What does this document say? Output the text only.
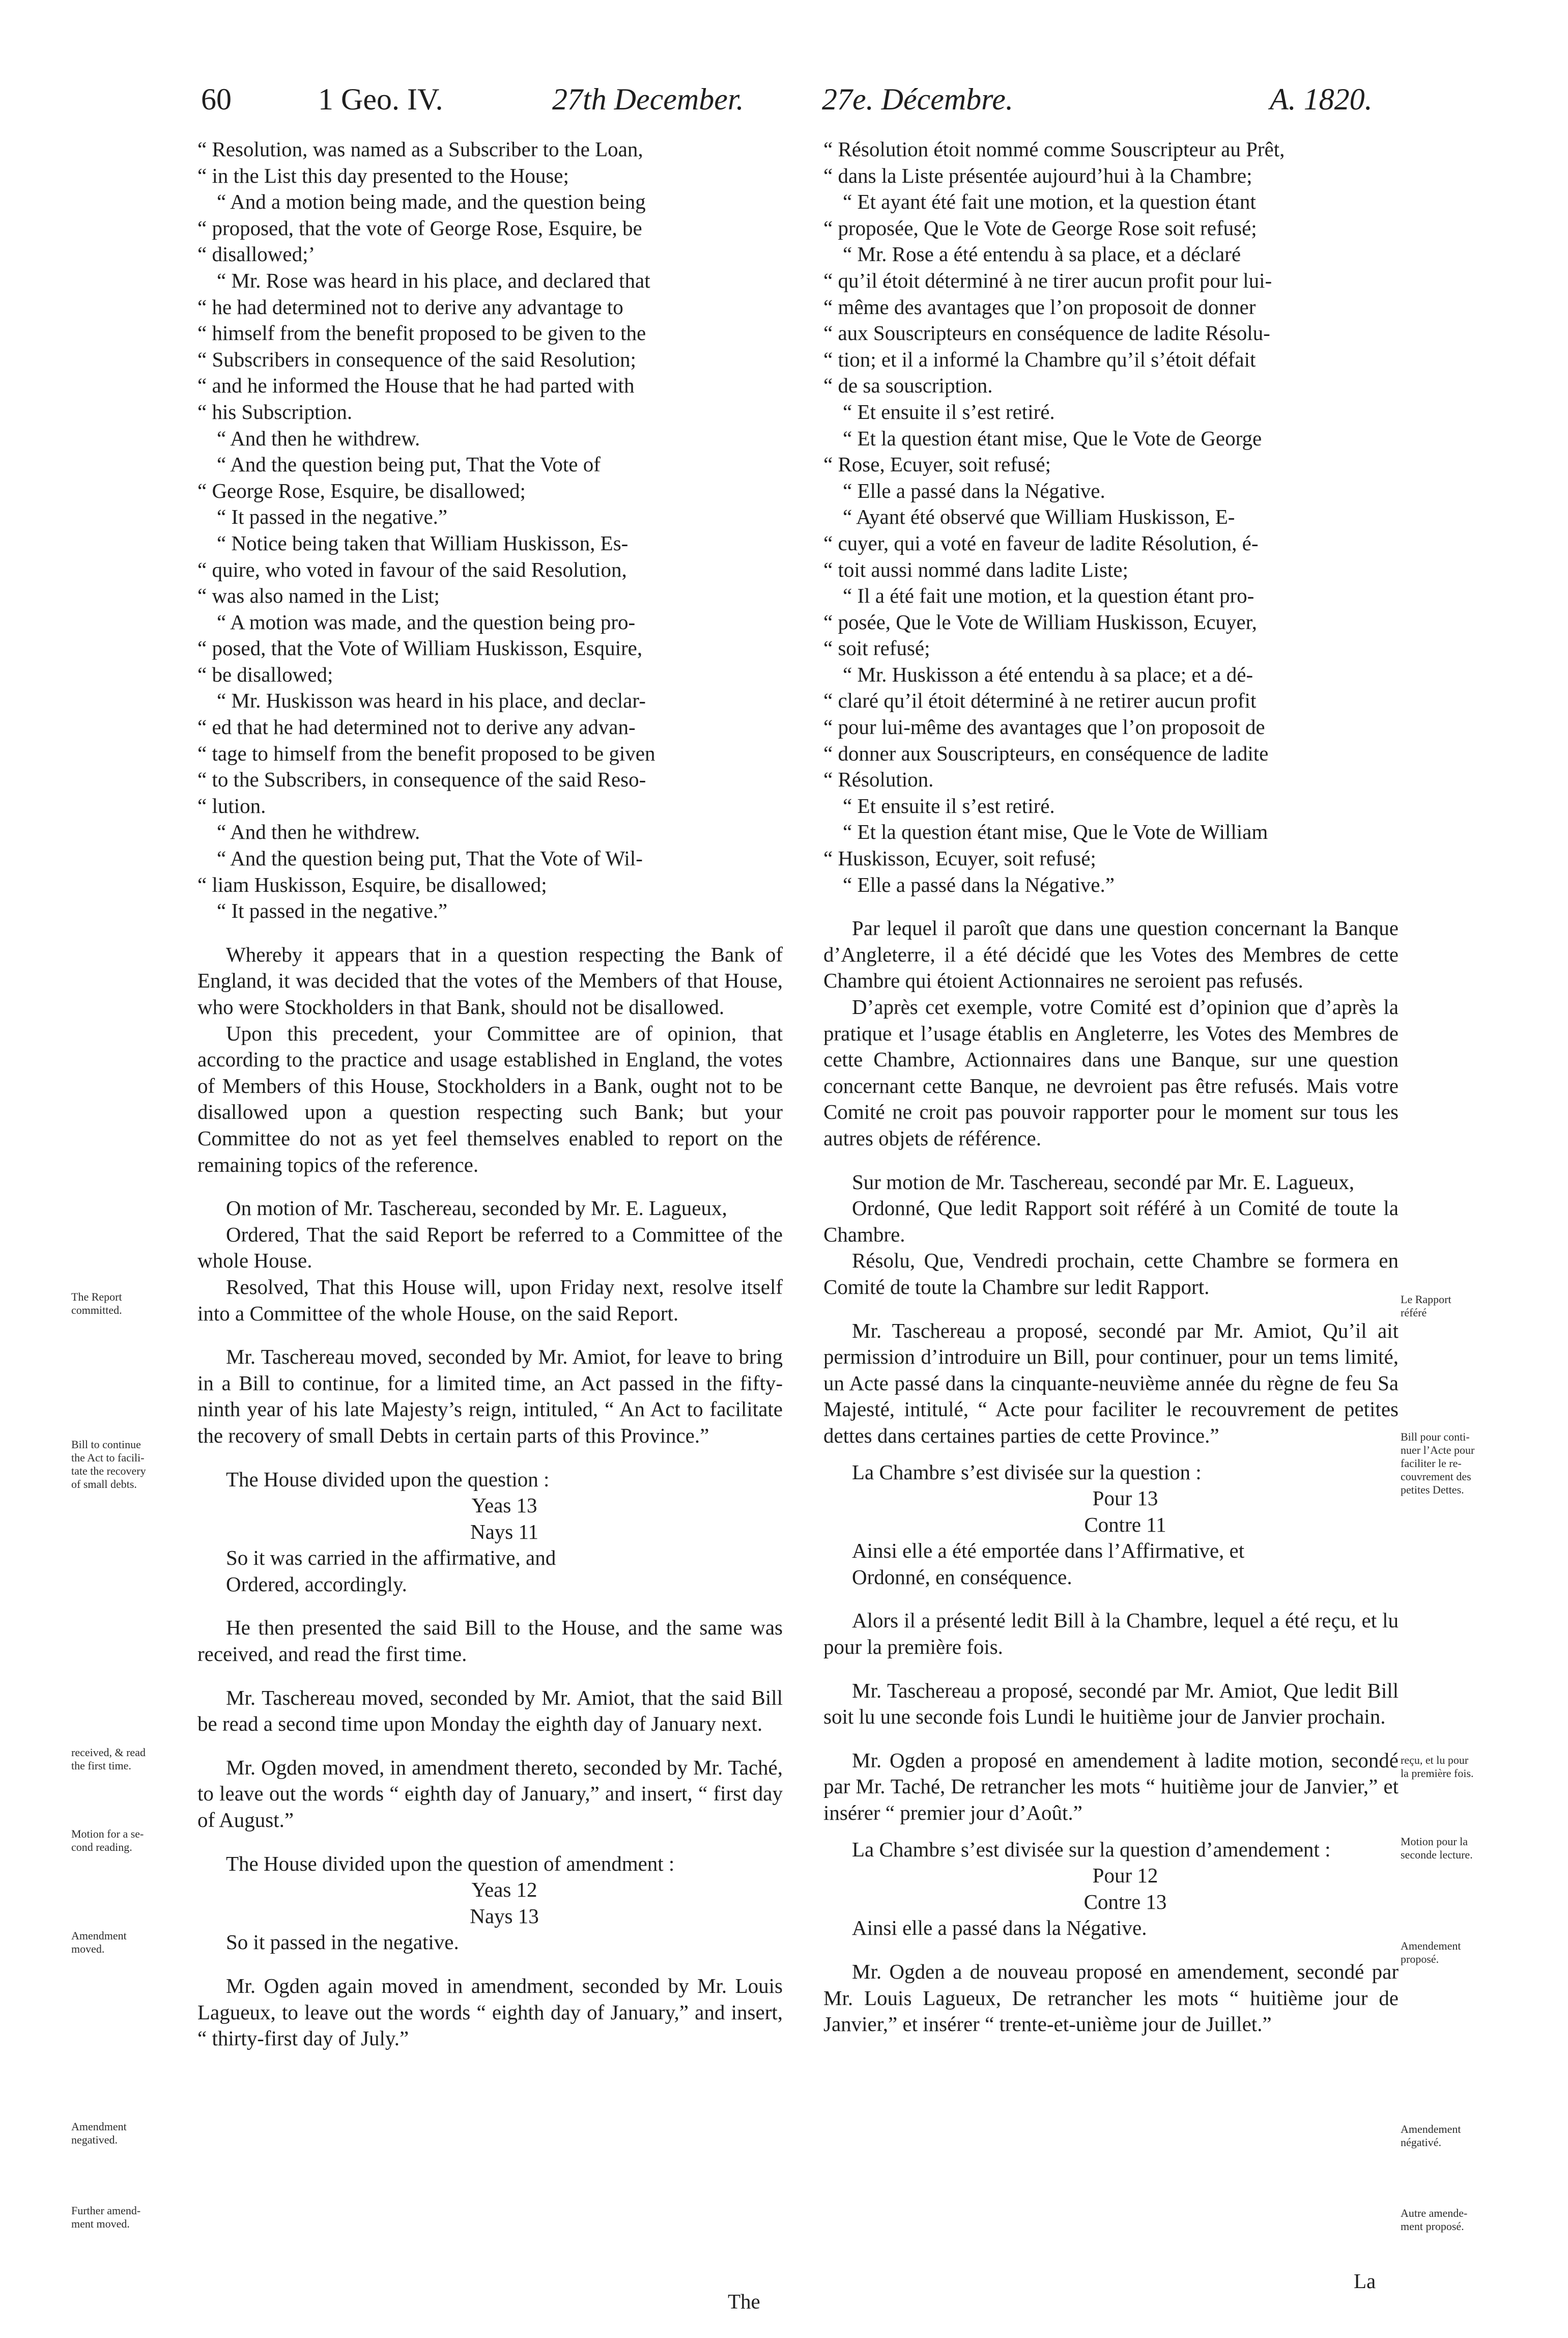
60	1 Geo. IV.	27th December.	27e. Décembre.	A. 1820.

“ Resolution, was named as a Subscriber to the Loan,

“ in the List this day presented to the House;

“ And a motion being made, and the question being

“ proposed, that the vote of George Rose, Esquire, be

“ disallowed;’

“ Mr. Rose was heard in his place, and declared that

“ he had determined not to derive any advantage to

“ himself from the benefit proposed to be given to the

“ Subscribers in consequence of the said Resolution;

“ and he informed the House that he had parted with

“ his Subscription.

“ And then he withdrew.

“ And the question being put, That the Vote of

“ George Rose, Esquire, be disallowed;

“ It passed in the negative.”

“ Notice being taken that William Huskisson, Es-

“ quire, who voted in favour of the said Resolution,

“ was also named in the List;

“ A motion was made, and the question being pro-

“ posed, that the Vote of William Huskisson, Esquire,

“ be disallowed;

“ Mr. Huskisson was heard in his place, and declar-

“ ed that he had determined not to derive any advan-

“ tage to himself from the benefit proposed to be given

“ to the Subscribers, in consequence of the said Reso-

“ lution.

“ And then he withdrew.

“ And the question being put, That the Vote of Wil-

“ liam Huskisson, Esquire, be disallowed;

“ It passed in the negative.”

Whereby it appears that in a question respecting the Bank of England, it was decided that the votes of the Members of that House, who were Stockholders in that Bank, should not be disallowed.

Upon this precedent, your Committee are of opinion, that according to the practice and usage established in England, the votes of Members of this House, Stockholders in a Bank, ought not to be disallowed upon a question respecting such Bank; but your Committee do not as yet feel themselves enabled to report on the remaining topics of the reference.

On motion of Mr. Taschereau, seconded by Mr. E. Lagueux,

Ordered, That the said Report be referred to a Committee of the whole House.

Resolved, That this House will, upon Friday next, resolve itself into a Committee of the whole House, on the said Report.

Mr. Taschereau moved, seconded by Mr. Amiot, for leave to bring in a Bill to continue, for a limited time, an Act passed in the fifty-ninth year of his late Majesty’s reign, intituled, “ An Act to facilitate the recovery of small Debts in certain parts of this Province.”

The House divided upon the question :

Yeas 13

Nays 11

So it was carried in the affirmative, and

Ordered, accordingly.

He then presented the said Bill to the House, and the same was received, and read the first time.

Mr. Taschereau moved, seconded by Mr. Amiot, that the said Bill be read a second time upon Monday the eighth day of January next.

Mr. Ogden moved, in amendment thereto, seconded by Mr. Taché, to leave out the words “ eighth day of January,” and insert, “ first day of August.”

The House divided upon the question of amendment :

Yeas 12

Nays 13

So it passed in the negative.

Mr. Ogden again moved in amendment, seconded by Mr. Louis Lagueux, to leave out the words “ eighth day of January,” and insert, “ thirty-first day of July.”

“ Résolution étoit nommé comme Souscripteur au Prêt,

“ dans la Liste présentée aujourd’hui à la Chambre;

“ Et ayant été fait une motion, et la question étant

“ proposée, Que le Vote de George Rose soit refusé;

“ Mr. Rose a été entendu à sa place, et a déclaré

“ qu’il étoit déterminé à ne tirer aucun profit pour lui-

“ même des avantages que l’on proposoit de donner

“ aux Souscripteurs en conséquence de ladite Résolu-

“ tion; et il a informé la Chambre qu’il s’étoit défait

“ de sa souscription.

“ Et ensuite il s’est retiré.

“ Et la question étant mise, Que le Vote de George

“ Rose, Ecuyer, soit refusé;

“ Elle a passé dans la Négative.

“ Ayant été observé que William Huskisson, E-

“ cuyer, qui a voté en faveur de ladite Résolution, é-

“ toit aussi nommé dans ladite Liste;

“ Il a été fait une motion, et la question étant pro-

“ posée, Que le Vote de William Huskisson, Ecuyer,

“ soit refusé;

“ Mr. Huskisson a été entendu à sa place; et a dé-

“ claré qu’il étoit déterminé à ne retirer aucun profit

“ pour lui-même des avantages que l’on proposoit de

“ donner aux Souscripteurs, en conséquence de ladite

“ Résolution.

“ Et ensuite il s’est retiré.

“ Et la question étant mise, Que le Vote de William

“ Huskisson, Ecuyer, soit refusé;

“ Elle a passé dans la Négative.”

Par lequel il paroît que dans une question concernant la Banque d’Angleterre, il a été décidé que les Votes des Membres de cette Chambre qui étoient Actionnaires ne seroient pas refusés.

D’après cet exemple, votre Comité est d’opinion que d’après la pratique et l’usage établis en Angleterre, les Votes des Membres de cette Chambre, Actionnaires dans une Banque, sur une question concernant cette Banque, ne devroient pas être refusés. Mais votre Comité ne croit pas pouvoir rapporter pour le moment sur tous les autres objets de référence.

Sur motion de Mr. Taschereau, secondé par Mr. E. Lagueux,

Ordonné, Que ledit Rapport soit référé à un Comité de toute la Chambre.

Résolu, Que, Vendredi prochain, cette Chambre se formera en Comité de toute la Chambre sur ledit Rapport.

Mr. Taschereau a proposé, secondé par Mr. Amiot, Qu’il ait permission d’introduire un Bill, pour continuer, pour un tems limité, un Acte passé dans la cinquante-neuvième année du règne de feu Sa Majesté, intitulé, “ Acte pour faciliter le recouvrement de petites dettes dans certaines parties de cette Province.”

La Chambre s’est divisée sur la question :

Pour 13

Contre 11

Ainsi elle a été emportée dans l’Affirmative, et

Ordonné, en conséquence.

Alors il a présenté ledit Bill à la Chambre, lequel a été reçu, et lu pour la première fois.

Mr. Taschereau a proposé, secondé par Mr. Amiot, Que ledit Bill soit lu une seconde fois Lundi le huitième jour de Janvier prochain.

Mr. Ogden a proposé en amendement à ladite motion, secondé par Mr. Taché, De retrancher les mots “ huitième jour de Janvier,” et insérer “ premier jour d’Août.”

La Chambre s’est divisée sur la question d’amendement :

Pour 12

Contre 13

Ainsi elle a passé dans la Négative.

Mr. Ogden a de nouveau proposé en amendement, secondé par Mr. Louis Lagueux, De retrancher les mots “ huitième jour de Janvier,” et insérer “ trente-et-unième jour de Juillet.”

The Report
committed.
Bill to continue
the Act to facili-
tate the recovery
of small debts.
received, & read
the first time.
Motion for a se-
cond reading.
Amendment
moved.
Amendment
negatived.
Further amend-
ment moved.
Le Rapport
référé
Bill pour conti-
nuer l’Acte pour
faciliter le re-
couvrement des
petites Dettes.
reçu, et lu pour
la première fois.
Motion pour la
seconde lecture.
Amendement
proposé.
Amendement
négativé.
Autre amende-
ment proposé.
The
La
